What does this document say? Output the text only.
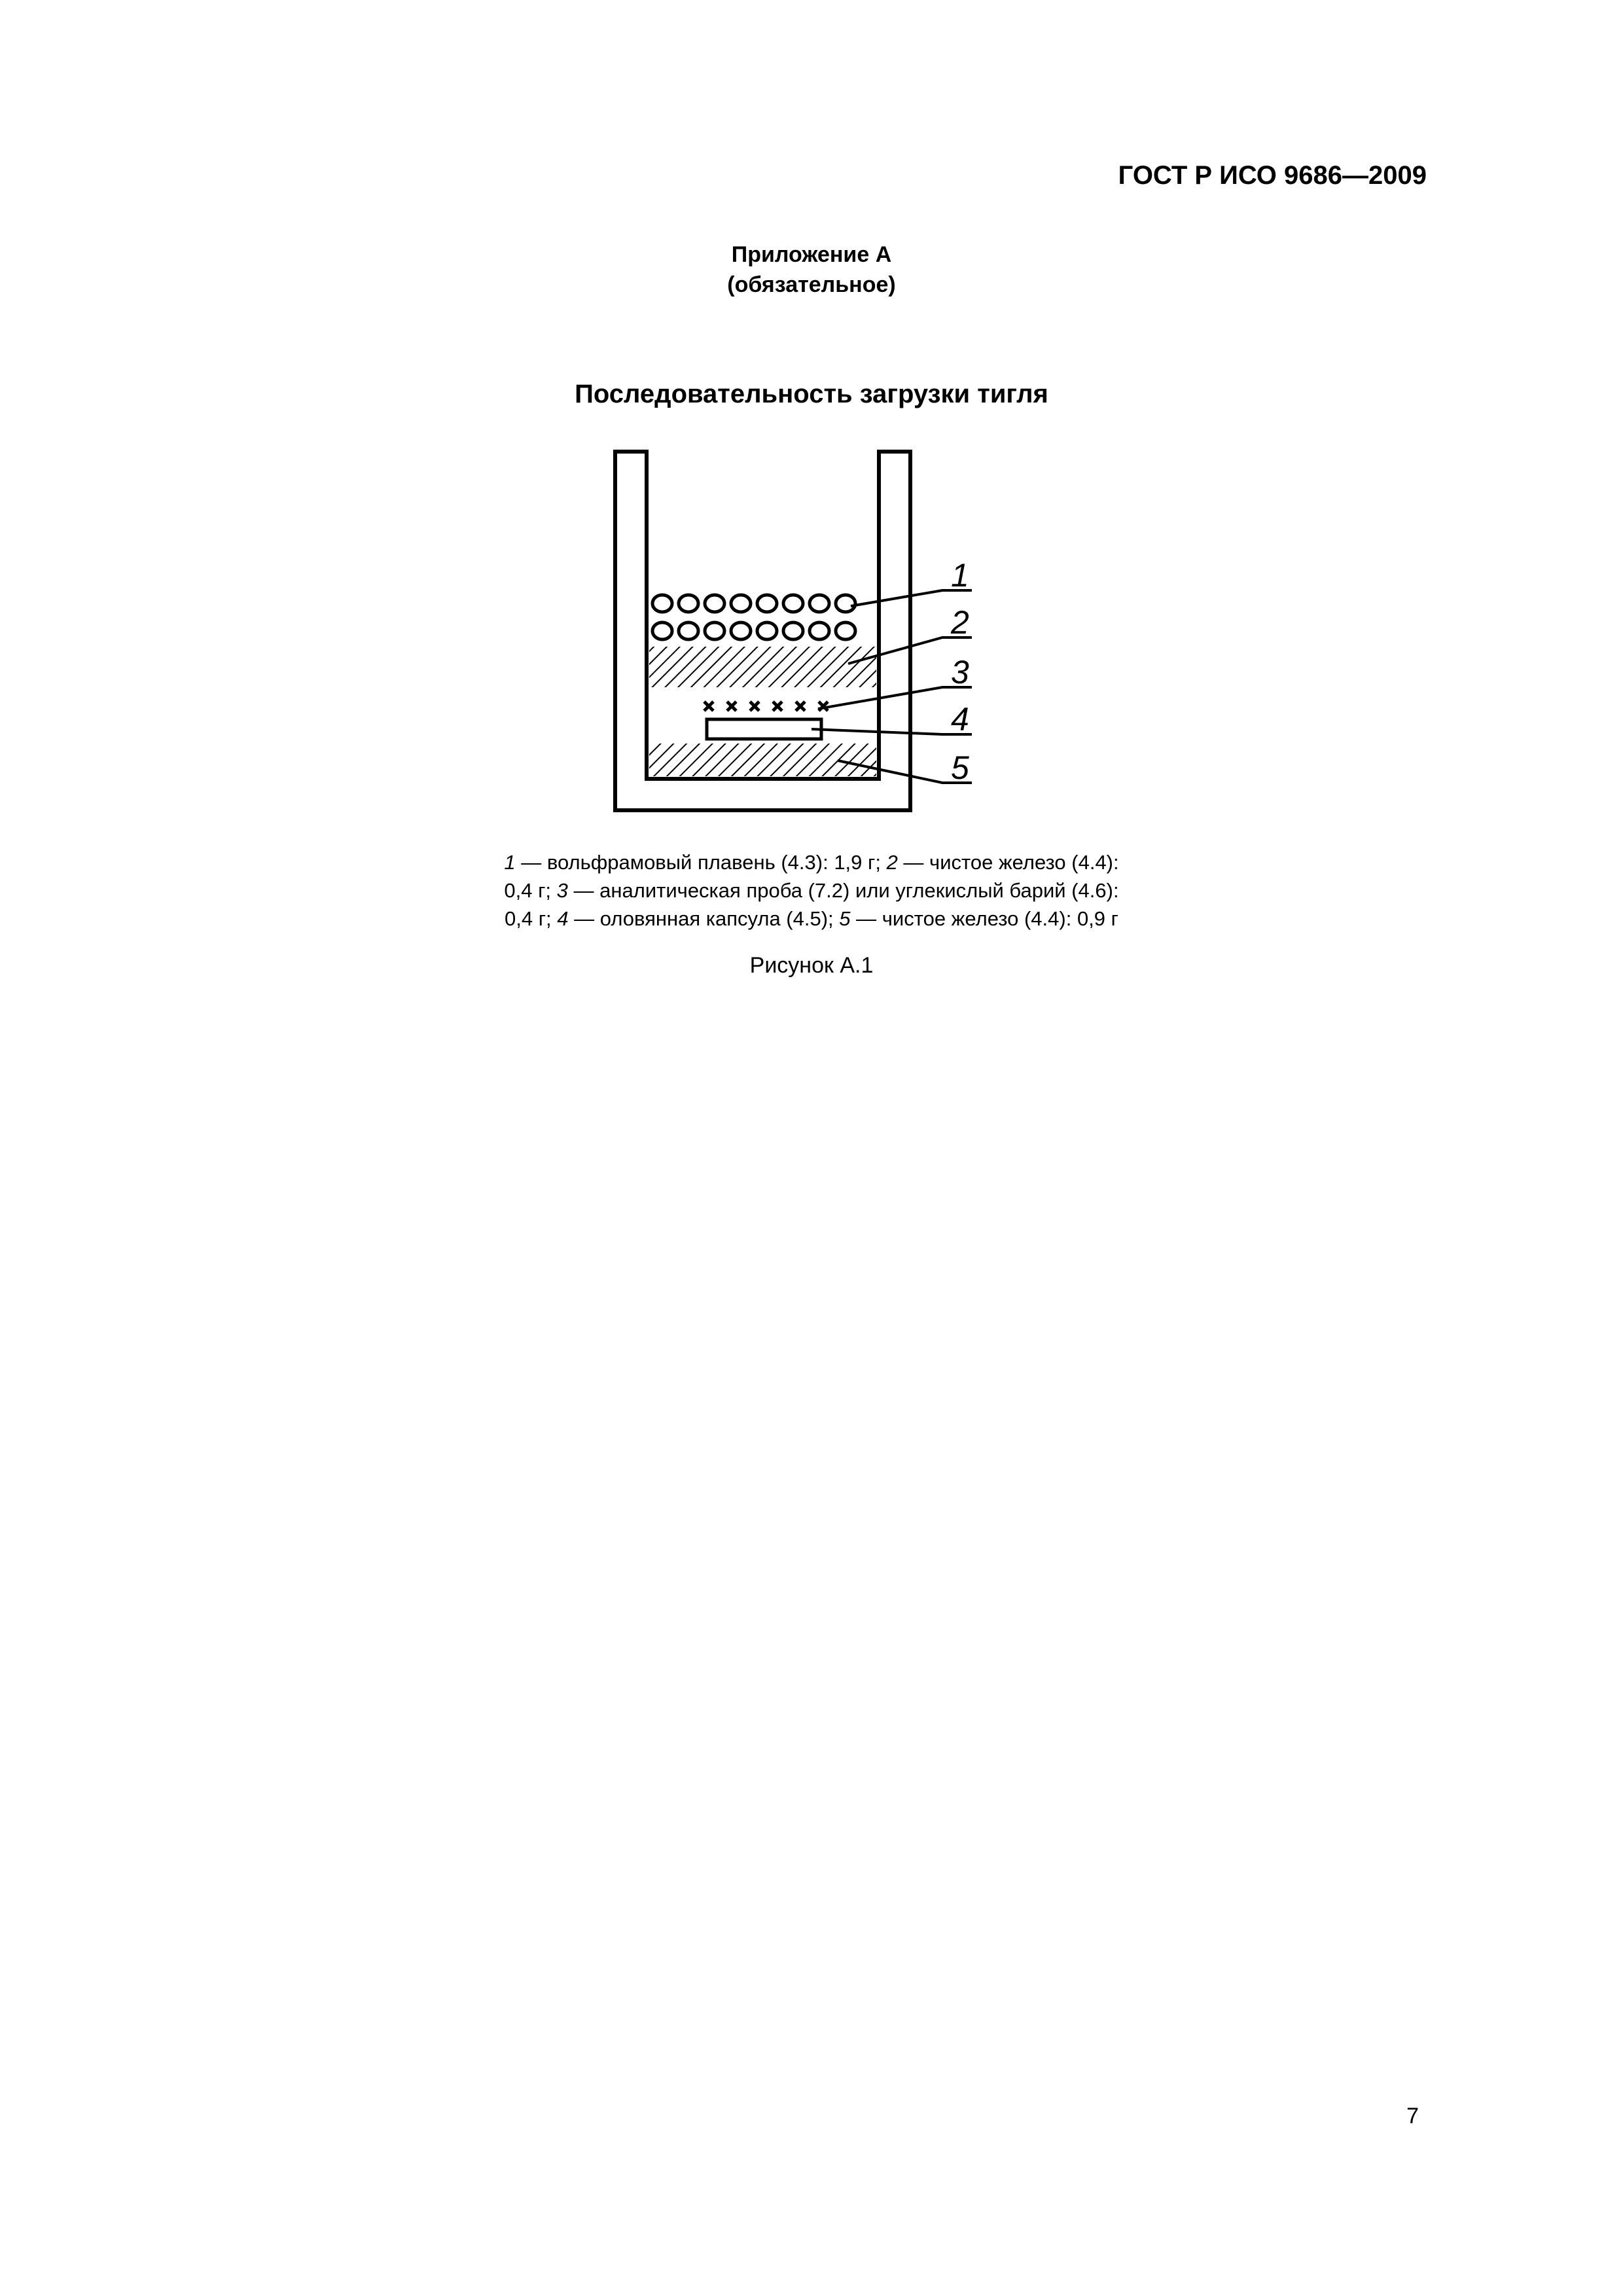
ГОСТ Р ИСО 9686—2009
Приложение А
(обязательное)
Последовательность загрузки тигля
1
2
3
4
5
1 — вольфрамовый плавень (4.3): 1,9 г; 2 — чистое железо (4.4):
0,4 г; 3 — аналитическая проба (7.2) или углекислый барий (4.6):
0,4 г; 4 — оловянная капсула (4.5); 5 — чистое железо (4.4): 0,9 г
Рисунок А.1
7
